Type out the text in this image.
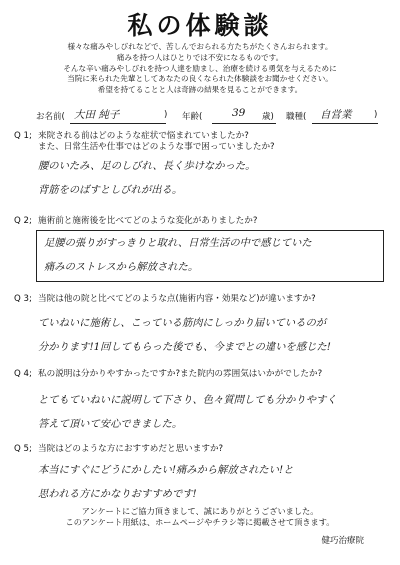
私の体験談
様々な痛みやしびれなどで、苦しんでおられる方たちがたくさんおられます。
痛みを持つ人はひとりでは不安になるものです。
そんな辛い痛みやしびれを持つ人達を励まし、治療を続ける勇気を与えるために
当院に来られた先輩としてあなたの良くなられた体験談をお聞かせください。
希望を持てることと人は奇跡の結果を見ることができます。
お名前( 大田 純子	) 年齢(	39 歳) 職種( 自営業	)
Q 1; 来院される前はどのような症状で悩まれていましたか?
また、日常生活や仕事ではどのような事で困っていましたか?
腰のいたみ、足のしびれ、長く歩けなかった。
背筋をのばすとしびれが出る。
Q 2; 施術前と施術後を比べてどのような変化がありましたか?
足腰の張りがすっきりと取れ、日常生活の中で感じていた
痛みのストレスから解放された。
Q 3; 当院は他の院と比べてどのような点(施術内容・効果など)が違いますか?
ていねいに施術し、こっている筋肉にしっかり届いているのが
分かります!1回してもらった後でも、今までとの違いを感じた!
Q 4; 私の説明は分かりやすかったですか?また院内の雰囲気はいかがでしたか?
とてもていねいに説明して下さり、色々質問しても分かりやすく
答えて頂いて安心できました。
Q 5; 当院はどのような方におすすめだと思いますか?
本当にすぐにどうにかしたい!痛みから解放されたい!と
思われる方にかなりおすすめです!
アンケートにご協力頂きまして、誠にありがとうございました。
このアンケート用紙は、ホームページやチラシ等に掲載させて頂きます。
健巧治療院
